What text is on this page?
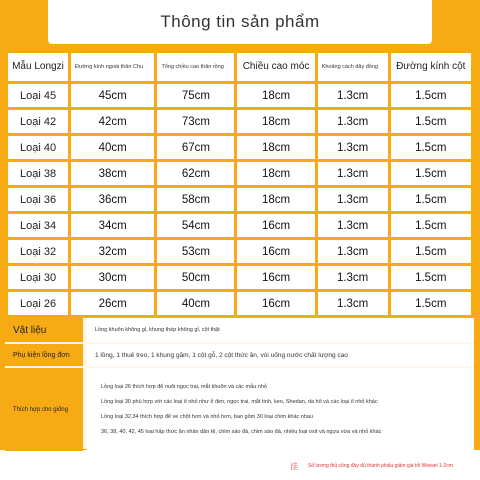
Thông tin sản phẩm
Mẫu Longzi	Đường kính ngoài thân Chu	Tổng chiều cao thân rồng	Chiều cao móc	Khoảng cách dây đồng	Đường kính cột
Loại 45	45cm	75cm	18cm	1.3cm	1.5cm
Loại 42	42cm	73cm	18cm	1.3cm	1.5cm
Loại 40	40cm	67cm	18cm	1.3cm	1.5cm
Loại 38	38cm	62cm	18cm	1.3cm	1.5cm
Loại 36	36cm	58cm	18cm	1.3cm	1.5cm
Loại 34	34cm	54cm	16cm	1.3cm	1.5cm
Loại 32	32cm	53cm	16cm	1.3cm	1.5cm
Loại 30	30cm	50cm	16cm	1.3cm	1.5cm
Loại 26	26cm	40cm	16cm	1.3cm	1.5cm
Vật liệu	Lồng khuôn không gỉ, khung thép không gỉ, cột thật
Phụ kiện lồng đơn	1 lồng, 1 thuê treo, 1 khung gầm, 1 cột gỗ, 2 cột thức ăn, vòi uống nước chất lượng cao
Thích hợp cho giống
Lồng loại 26 thích hợp để nuôi ngọc trai, mắt khuôn và các mẫu nhỏ
Lồng loại 30 phù hợp với các loại ổ nhỏ như ổ đen, ngọc trai, mắt tinh, keo, Shedan, da hổ và các loại ổ nhỏ khác
Lồng loại 32,34 thích hợp để ve chột hơn và nhỏ hơn, bao gồm 30 loại chim khác nhau
36, 38, 40, 42, 45 loại hấp thức ăn nhân dân tệ, chim sáo đá, chim sáo đá, nhiều loại oxit và ngựa vừa và nhỏ khác
洼 Số lượng thủ công đầy đủ thành phiếu giảm giá tối Weiwei 1-2cm
